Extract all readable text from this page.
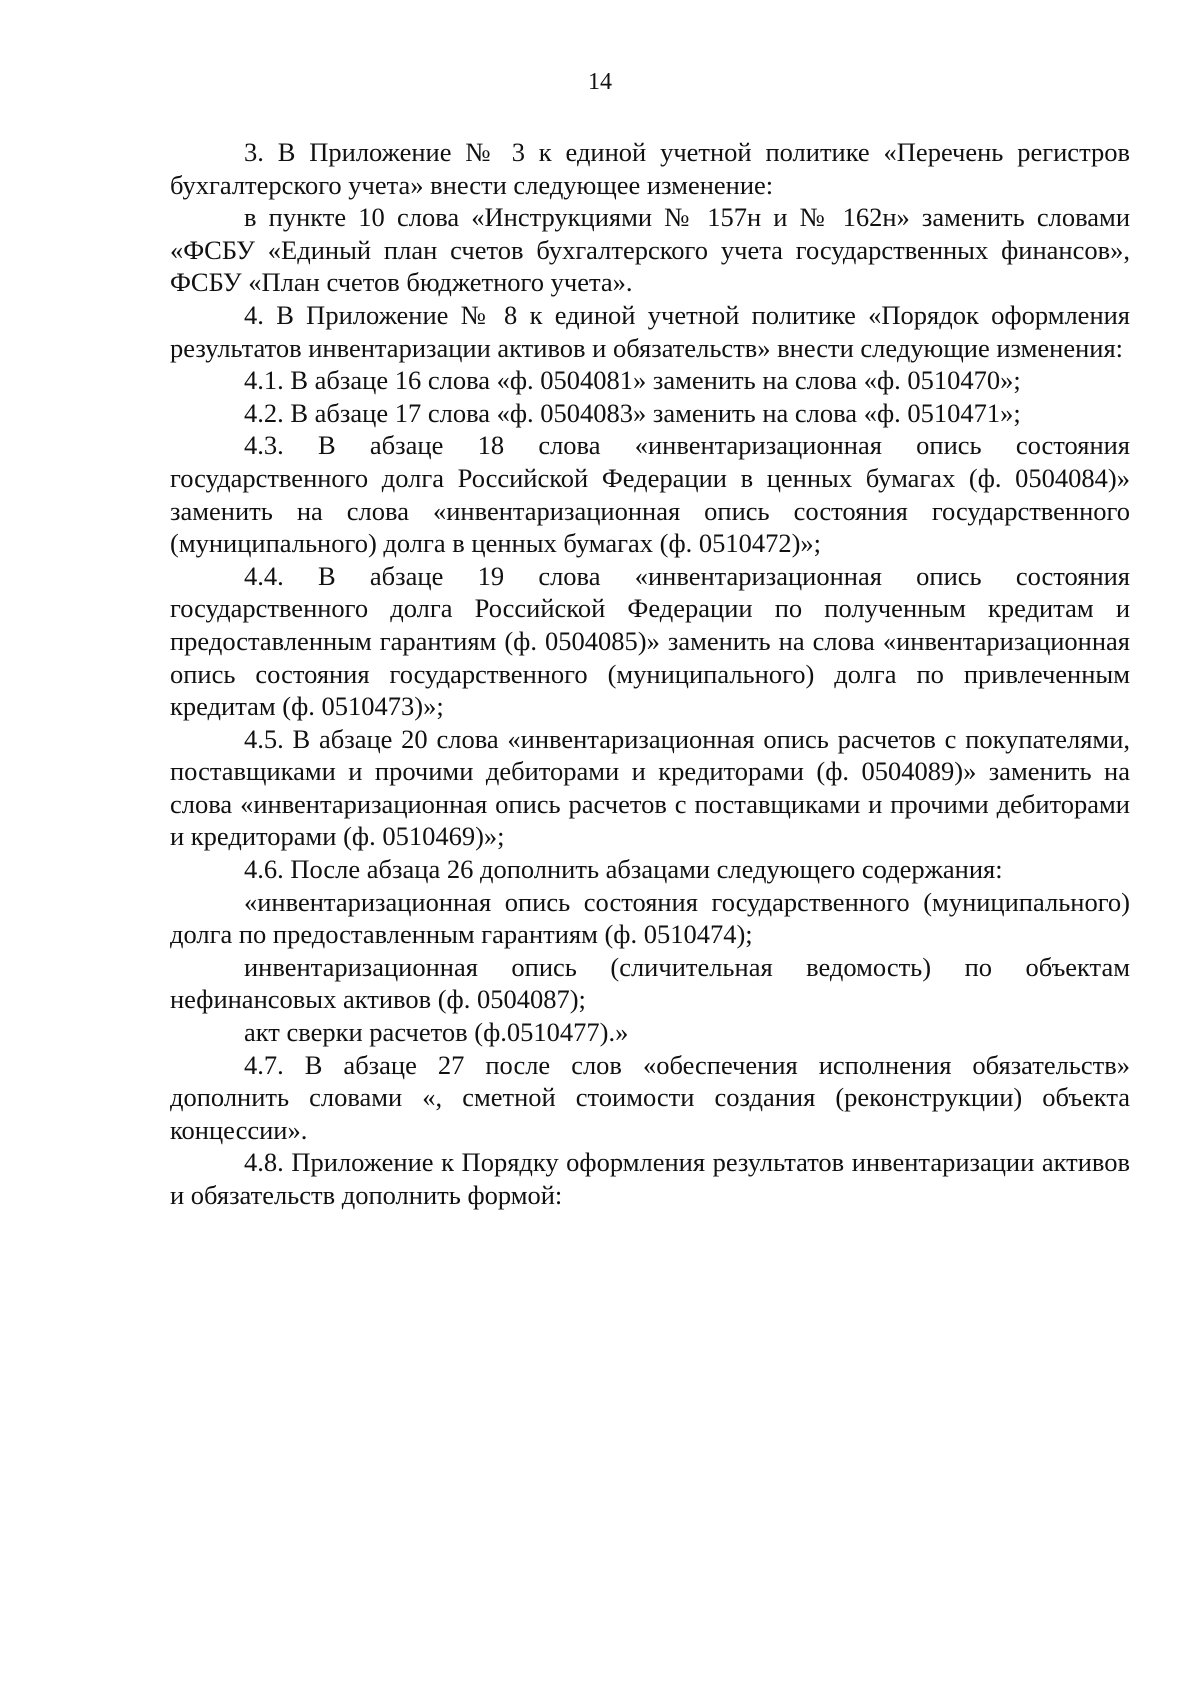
14

3. В Приложение № 3 к единой учетной политике «Перечень регистров бухгалтерского учета» внести следующее изменение:

в пункте 10 слова «Инструкциями № 157н и № 162н» заменить словами «ФСБУ «Единый план счетов бухгалтерского учета государственных финансов», ФСБУ «План счетов бюджетного учета».

4. В Приложение № 8 к единой учетной политике «Порядок оформления результатов инвентаризации активов и обязательств» внести следующие изменения:

4.1. В абзаце 16 слова «ф. 0504081» заменить на слова «ф. 0510470»;

4.2. В абзаце 17 слова «ф. 0504083» заменить на слова «ф. 0510471»;

4.3. В абзаце 18 слова «инвентаризационная опись состояния государственного долга Российской Федерации в ценных бумагах (ф. 0504084)» заменить на слова «инвентаризационная опись состояния государственного (муниципального) долга в ценных бумагах (ф. 0510472)»;

4.4. В абзаце 19 слова «инвентаризационная опись состояния государственного долга Российской Федерации по полученным кредитам и предоставленным гарантиям (ф. 0504085)» заменить на слова «инвентаризационная опись состояния государственного (муниципального) долга по привлеченным кредитам (ф. 0510473)»;

4.5. В абзаце 20 слова «инвентаризационная опись расчетов с покупателями, поставщиками и прочими дебиторами и кредиторами (ф. 0504089)» заменить на слова «инвентаризационная опись расчетов с поставщиками и прочими дебиторами и кредиторами (ф. 0510469)»;

4.6. После абзаца 26 дополнить абзацами следующего содержания:

«инвентаризационная опись состояния государственного (муниципального) долга по предоставленным гарантиям (ф. 0510474);

инвентаризационная опись (сличительная ведомость) по объектам нефинансовых активов (ф. 0504087);

акт сверки расчетов (ф.0510477).»

4.7. В абзаце 27 после слов «обеспечения исполнения обязательств» дополнить словами «, сметной стоимости создания (реконструкции) объекта концессии».

4.8. Приложение к Порядку оформления результатов инвентаризации активов и обязательств дополнить формой:
